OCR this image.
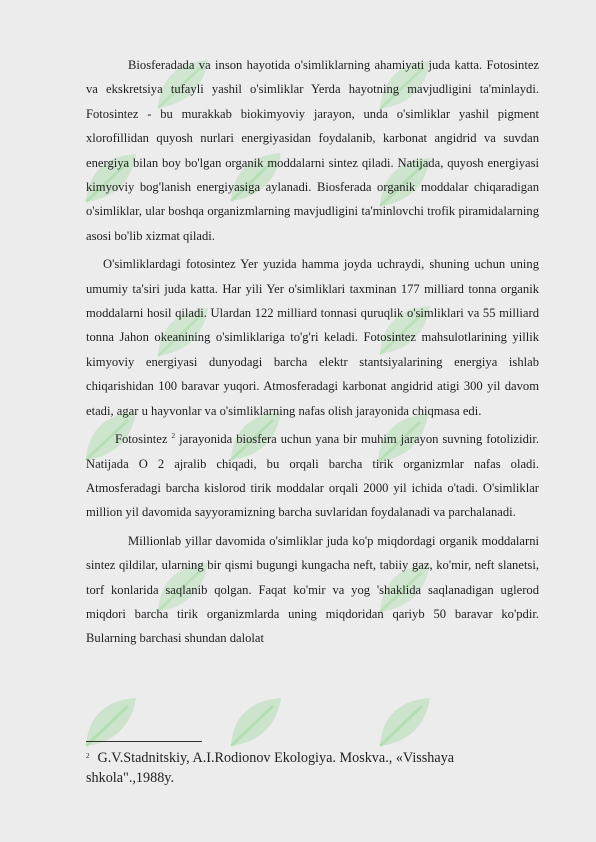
Biosferadada va inson hayotida o'simliklarning ahamiyati juda katta. Fotosintez va ekskretsiya tufayli yashil o'simliklar Yerda hayotning mavjudligini ta'minlaydi. Fotosintez - bu murakkab biokimyoviy jarayon, unda o'simliklar yashil pigment xlorofillidan quyosh nurlari energiyasidan foydalanib, karbonat angidrid va suvdan energiya bilan boy bo'lgan organik moddalarni sintez qiladi. Natijada, quyosh energiyasi kimyoviy bog'lanish energiyasiga aylanadi. Biosferada organik moddalar chiqaradigan o'simliklar, ular boshqa organizmlarning mavjudligini ta'minlovchi trofik piramidalarning asosi bo'lib xizmat qiladi.

O'simliklardagi fotosintez Yer yuzida hamma joyda uchraydi, shuning uchun uning umumiy ta'siri juda katta. Har yili Yer o'simliklari taxminan 177 milliard tonna organik moddalarni hosil qiladi. Ulardan 122 milliard tonnasi quruqlik o'simliklari va 55 milliard tonna Jahon okeanining o'simliklariga to'g'ri keladi. Fotosintez mahsulotlarining yillik kimyoviy energiyasi dunyodagi barcha elektr stantsiyalarining energiya ishlab chiqarishidan 100 baravar yuqori. Atmosferadagi karbonat angidrid atigi 300 yil davom etadi, agar u hayvonlar va o'simliklarning nafas olish jarayonida chiqmasa edi.

Fotosintez $^2$ jarayonida biosfera uchun yana bir muhim jarayon suvning fotolizidir. Natijada O 2 ajralib chiqadi, bu orqali barcha tirik organizmlar nafas oladi. Atmosferadagi barcha kislorod tirik moddalar orqali 2000 yil ichida o'tadi. O'simliklar million yil davomida sayyoramizning barcha suvlaridan foydalanadi va parchalanadi.

Millionlab yillar davomida o'simliklar juda ko'p miqdordagi organik moddalarni sintez qildilar, ularning bir qismi bugungi kungacha neft, tabiiy gaz, ko'mir, neft slanetsi, torf konlarida saqlanib qolgan. Faqat ko'mir va yog 'shaklida saqlanadigan uglerod miqdori barcha tirik organizmlarda uning miqdoridan qariyb 50 baravar ko'pdir. Bularning barchasi shundan dalolat

$^2$ G.V.Stadnitskiy, A.I.Rodionov Ekologiya. Moskva., «Visshaya shkola".,1988y.
